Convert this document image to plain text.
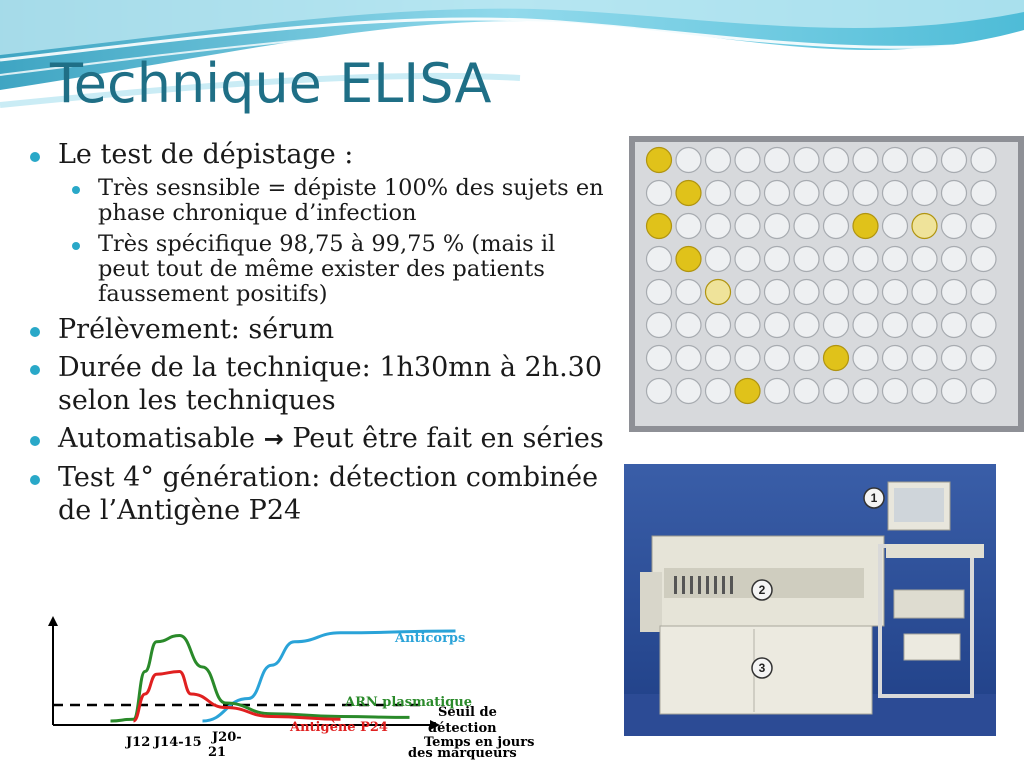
Technique ELISA
Le test de dépistage :
Très sesnsible = dépiste 100% des sujets en phase chronique d’infection
Très spécifique 98,75 à 99,75 % (mais il peut tout de même exister des patients faussement positifs)
Prélèvement: sérum
Durée de la technique: 1h30mn à 2h.30 selon les techniques
Automatisable → Peut être fait en séries
Test 4° génération: détection combinée de l’Antigène P24	1
2
3
Anticorps
ARN plasmatique
Antigène P24
Seuil de détection
Temps en jours
des marqueurs
J12 J14-15 J20- 21
